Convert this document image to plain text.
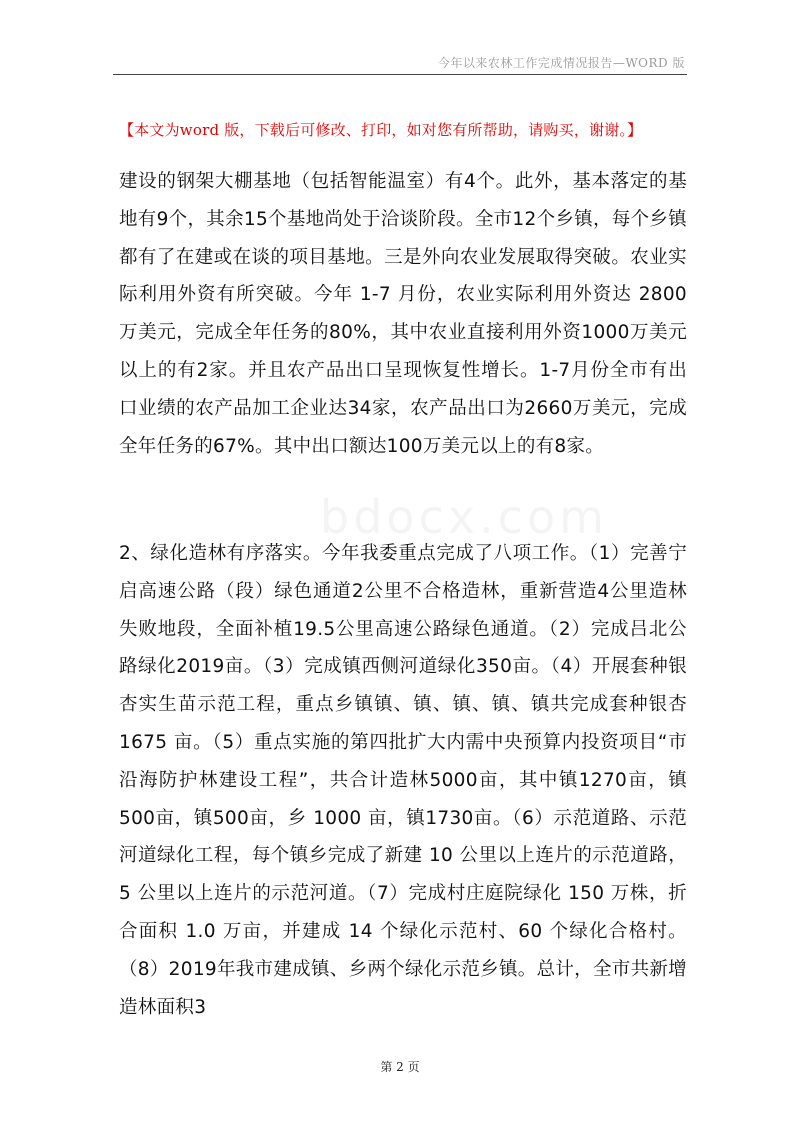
今年以来农林工作完成情况报告—WORD 版
【本文为word 版，下载后可修改、打印，如对您有所帮助，请购买，谢谢。】

建设的钢架大棚基地（包括智能温室）有4个。此外，基本落定的基地有9个，其余15个基地尚处于洽谈阶段。全市12个乡镇，每个乡镇都有了在建或在谈的项目基地。三是外向农业发展取得突破。农业实际利用外资有所突破。今年 1-7 月份，农业实际利用外资达 2800 万美元，完成全年任务的80%，其中农业直接利用外资1000万美元以上的有2家。并且农产品出口呈现恢复性增长。1-7月份全市有出口业绩的农产品加工企业达34家，农产品出口为2660万美元，完成全年任务的67%。其中出口额达100万美元以上的有8家。

2、绿化造林有序落实。今年我委重点完成了八项工作。（1）完善宁启高速公路（段）绿色通道2公里不合格造林，重新营造4公里造林失败地段，全面补植19.5公里高速公路绿色通道。（2）完成吕北公路绿化2019亩。（3）完成镇西侧河道绿化350亩。（4）开展套种银杏实生苗示范工程，重点乡镇镇、镇、镇、镇、镇共完成套种银杏1675 亩。（5）重点实施的第四批扩大内需中央预算内投资项目“市沿海防护林建设工程”，共合计造林5000亩，其中镇1270亩，镇500亩，镇500亩，乡 1000 亩，镇1730亩。（6）示范道路、示范河道绿化工程，每个镇乡完成了新建 10 公里以上连片的示范道路，5 公里以上连片的示范河道。（7）完成村庄庭院绿化 150 万株，折合面积 1.0 万亩，并建成 14 个绿化示范村、60 个绿化合格村。（8）2019年我市建成镇、乡两个绿化示范乡镇。总计，全市共新增造林面积3

第 2 页
